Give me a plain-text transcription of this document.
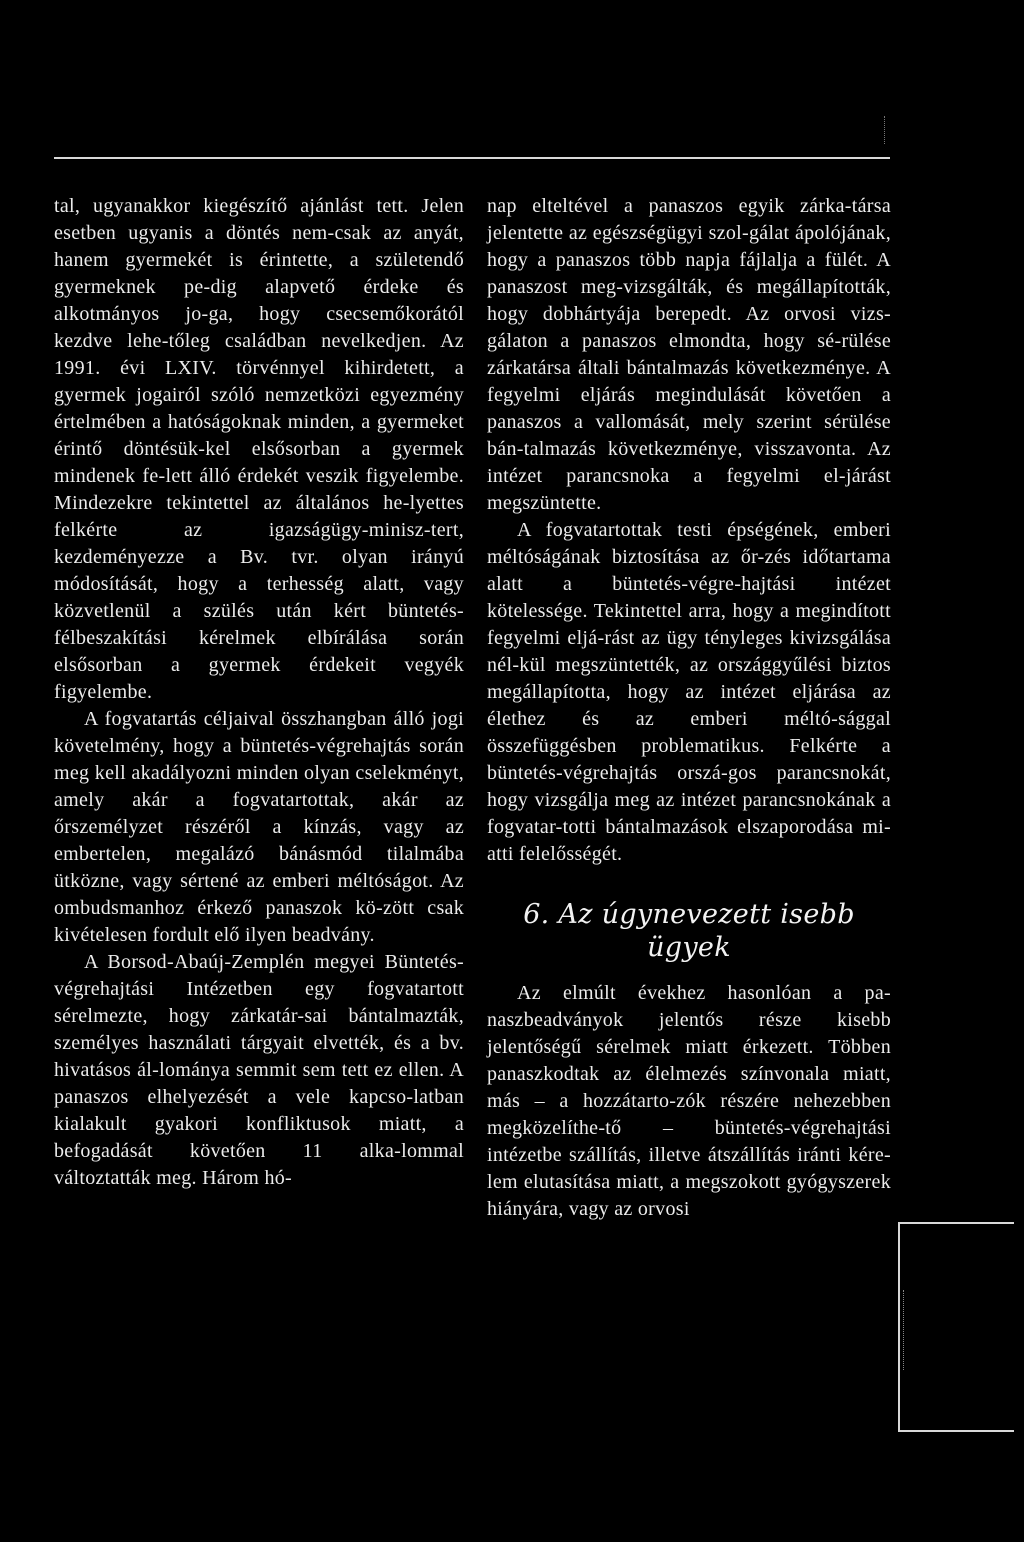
tal, ugyanakkor kiegészítő ajánlást tett. Jelen esetben ugyanis a döntés nem-csak az anyát, hanem gyermekét is érintette, a születendő gyermeknek pe-dig alapvető érdeke és alkotmányos jo-ga, hogy csecsemőkorától kezdve lehe-tőleg családban nevelkedjen. Az 1991. évi LXIV. törvénnyel kihirdetett, a gyermek jogairól szóló nemzetközi egyezmény értelmében a hatóságoknak minden, a gyermeket érintő döntésük-kel elsősorban a gyermek mindenek fe-lett álló érdekét veszik figyelembe. Mindezekre tekintettel az általános he-lyettes felkérte az igazságügy-minisz-tert, kezdeményezze a Bv. tvr. olyan irányú módosítását, hogy a terhesség alatt, vagy közvetlenül a szülés után kért büntetés-félbeszakítási kérelmek elbírálása során elsősorban a gyermek érdekeit vegyék figyelembe.

A fogvatartás céljaival összhangban álló jogi követelmény, hogy a büntetés-végrehajtás során meg kell akadályozni minden olyan cselekményt, amely akár a fogvatartottak, akár az őrszemélyzet részéről a kínzás, vagy az embertelen, megalázó bánásmód tilalmába ütközne, vagy sértené az emberi méltóságot. Az ombudsmanhoz érkező panaszok kö-zött csak kivételesen fordult elő ilyen beadvány.

A Borsod-Abaúj-Zemplén megyei Büntetés-végrehajtási Intézetben egy fogvatartott sérelmezte, hogy zárkatár-sai bántalmazták, személyes használati tárgyait elvették, és a bv. hivatásos ál-lománya semmit sem tett ez ellen. A panaszos elhelyezését a vele kapcso-latban kialakult gyakori konfliktusok miatt, a befogadását követően 11 alka-lommal változtatták meg. Három hó-

nap elteltével a panaszos egyik zárka-társa jelentette az egészségügyi szol-gálat ápolójának, hogy a panaszos több napja fájlalja a fülét. A panaszost meg-vizsgálták, és megállapították, hogy dobhártyája berepedt. Az orvosi vizs-gálaton a panaszos elmondta, hogy sé-rülése zárkatársa általi bántalmazás következménye. A fegyelmi eljárás megindulását követően a panaszos a vallomását, mely szerint sérülése bán-talmazás következménye, visszavonta. Az intézet parancsnoka a fegyelmi el-járást megszüntette.

A fogvatartottak testi épségének, emberi méltóságának biztosítása az őr-zés időtartama alatt a büntetés-végre-hajtási intézet kötelessége. Tekintettel arra, hogy a megindított fegyelmi eljá-rást az ügy tényleges kivizsgálása nél-kül megszüntették, az országgyűlési biztos megállapította, hogy az intézet eljárása az élethez és az emberi méltó-sággal összefüggésben problematikus. Felkérte a büntetés-végrehajtás orszá-gos parancsnokát, hogy vizsgálja meg az intézet parancsnokának a fogvatar-totti bántalmazások elszaporodása mi-atti felelősségét.

6. Az úgynevezett isebb ügyek

Az elmúlt évekhez hasonlóan a pa-naszbeadványok jelentős része kisebb jelentőségű sérelmek miatt érkezett. Többen panaszkodtak az élelmezés színvonala miatt, más – a hozzátarto-zók részére nehezebben megközelíthe-tő – büntetés-végrehajtási intézetbe szállítás, illetve átszállítás iránti kére-lem elutasítása miatt, a megszokott gyógyszerek hiányára, vagy az orvosi
